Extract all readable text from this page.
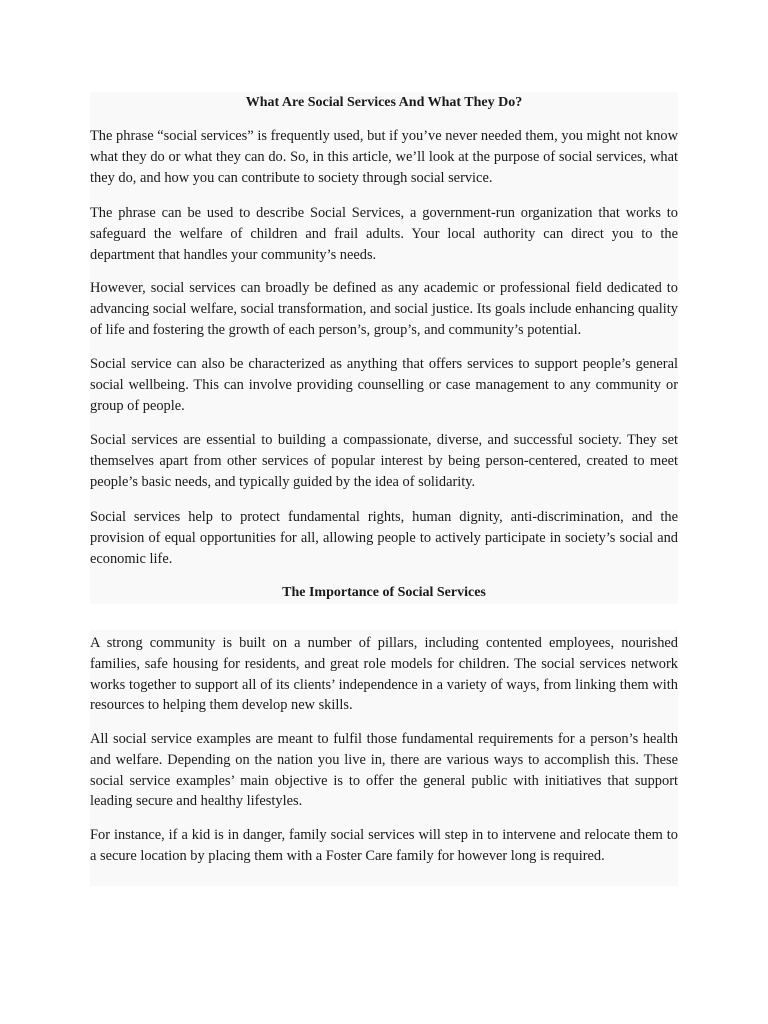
What Are Social Services And What They Do?

The phrase “social services” is frequently used, but if you’ve never needed them, you might not know what they do or what they can do. So, in this article, we’ll look at the purpose of social services, what they do, and how you can contribute to society through social service.

The phrase can be used to describe Social Services, a government-run organization that works to safeguard the welfare of children and frail adults. Your local authority can direct you to the department that handles your community’s needs.

However, social services can broadly be defined as any academic or professional field dedicated to advancing social welfare, social transformation, and social justice. Its goals include enhancing quality of life and fostering the growth of each person’s, group’s, and community’s potential.

Social service can also be characterized as anything that offers services to support people’s general social wellbeing. This can involve providing counselling or case management to any community or group of people.

Social services are essential to building a compassionate, diverse, and successful society. They set themselves apart from other services of popular interest by being person-centered, created to meet people’s basic needs, and typically guided by the idea of solidarity.

Social services help to protect fundamental rights, human dignity, anti-discrimination, and the provision of equal opportunities for all, allowing people to actively participate in society’s social and economic life.

The Importance of Social Services

A strong community is built on a number of pillars, including contented employees, nourished families, safe housing for residents, and great role models for children. The social services network works together to support all of its clients’ independence in a variety of ways, from linking them with resources to helping them develop new skills.

All social service examples are meant to fulfil those fundamental requirements for a person’s health and welfare. Depending on the nation you live in, there are various ways to accomplish this. These social service examples’ main objective is to offer the general public with initiatives that support leading secure and healthy lifestyles.

For instance, if a kid is in danger, family social services will step in to intervene and relocate them to a secure location by placing them with a Foster Care family for however long is required.
